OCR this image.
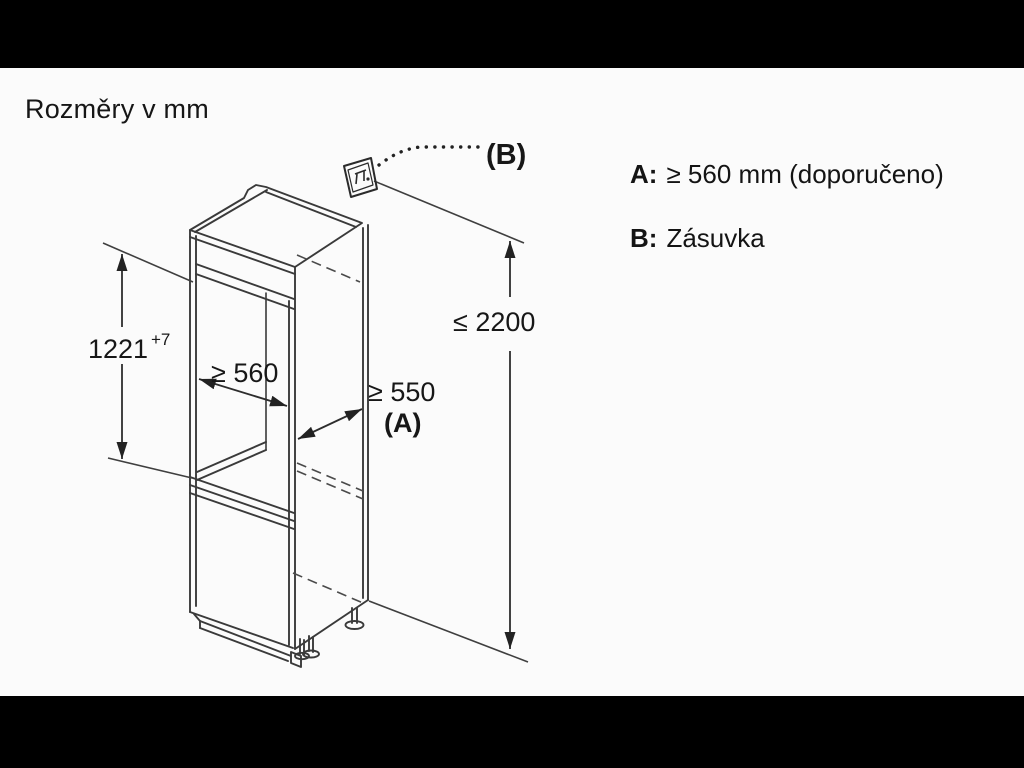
Rozměry v mm
A: ≥ 560 mm (doporučeno)
B: Zásuvka
1221 +7
≥ 560
≥ 550
(A)
≤ 2200
(B)
